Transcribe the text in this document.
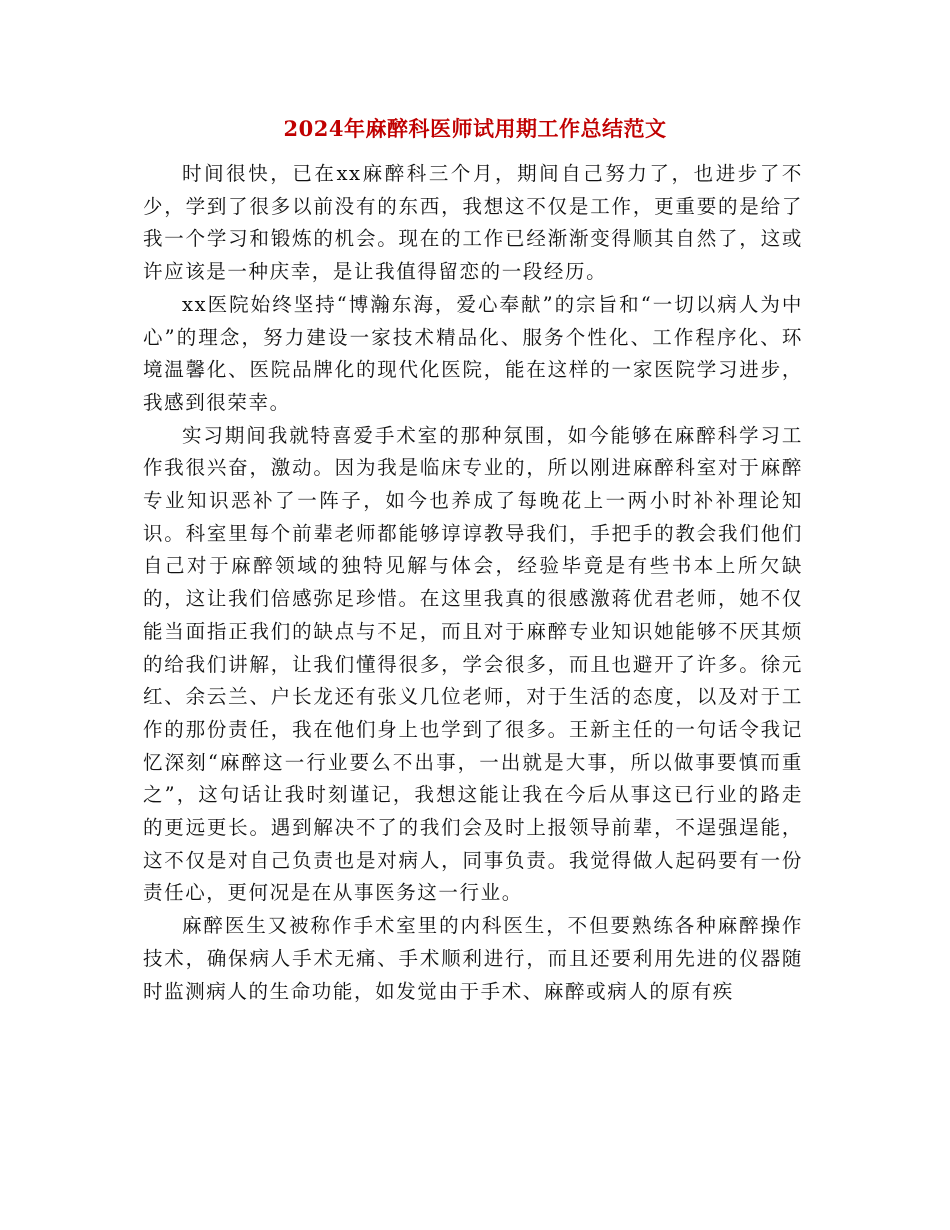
2024年麻醉科医师试用期工作总结范文

时间很快，已在xx麻醉科三个月，期间自己努力了，也进步了不少，学到了很多以前没有的东西，我想这不仅是工作，更重要的是给了我一个学习和锻炼的机会。现在的工作已经渐渐变得顺其自然了，这或许应该是一种庆幸，是让我值得留恋的一段经历。

xx医院始终坚持“博瀚东海，爱心奉献”的宗旨和“一切以病人为中心”的理念，努力建设一家技术精品化、服务个性化、工作程序化、环境温馨化、医院品牌化的现代化医院，能在这样的一家医院学习进步，我感到很荣幸。

实习期间我就特喜爱手术室的那种氛围，如今能够在麻醉科学习工作我很兴奋，激动。因为我是临床专业的，所以刚进麻醉科室对于麻醉专业知识恶补了一阵子，如今也养成了每晚花上一两小时补补理论知识。科室里每个前辈老师都能够谆谆教导我们，手把手的教会我们他们自己对于麻醉领域的独特见解与体会，经验毕竟是有些书本上所欠缺的，这让我们倍感弥足珍惜。在这里我真的很感激蒋优君老师，她不仅能当面指正我们的缺点与不足，而且对于麻醉专业知识她能够不厌其烦的给我们讲解，让我们懂得很多，学会很多，而且也避开了许多。徐元红、余云兰、户长龙还有张义几位老师，对于生活的态度，以及对于工作的那份责任，我在他们身上也学到了很多。王新主任的一句话令我记忆深刻“麻醉这一行业要么不出事，一出就是大事，所以做事要慎而重之”，这句话让我时刻谨记，我想这能让我在今后从事这已行业的路走的更远更长。遇到解决不了的我们会及时上报领导前辈，不逞强逞能，这不仅是对自己负责也是对病人，同事负责。我觉得做人起码要有一份责任心，更何况是在从事医务这一行业。

麻醉医生又被称作手术室里的内科医生，不但要熟练各种麻醉操作技术，确保病人手术无痛、手术顺利进行，而且还要利用先进的仪器随时监测病人的生命功能，如发觉由于手术、麻醉或病人的原有疾
